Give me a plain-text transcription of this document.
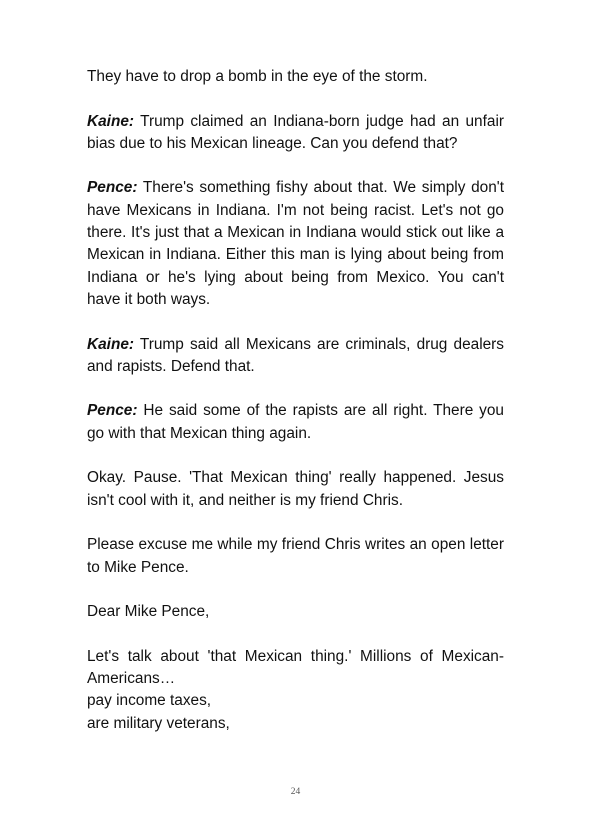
They have to drop a bomb in the eye of the storm.

Kaine: Trump claimed an Indiana-born judge had an unfair bias due to his Mexican lineage. Can you defend that?

Pence: There's something fishy about that. We simply don't have Mexicans in Indiana. I'm not being racist. Let's not go there. It's just that a Mexican in Indiana would stick out like a Mexican in Indiana. Either this man is lying about being from Indiana or he's lying about being from Mexico. You can't have it both ways.

Kaine: Trump said all Mexicans are criminals, drug dealers and rapists. Defend that.

Pence: He said some of the rapists are all right. There you go with that Mexican thing again.

Okay. Pause. 'That Mexican thing' really happened. Jesus isn't cool with it, and neither is my friend Chris.

Please excuse me while my friend Chris writes an open letter to Mike Pence.

Dear Mike Pence,

Let's talk about 'that Mexican thing.' Millions of Mexican-Americans…
pay income taxes,
are military veterans,
24
